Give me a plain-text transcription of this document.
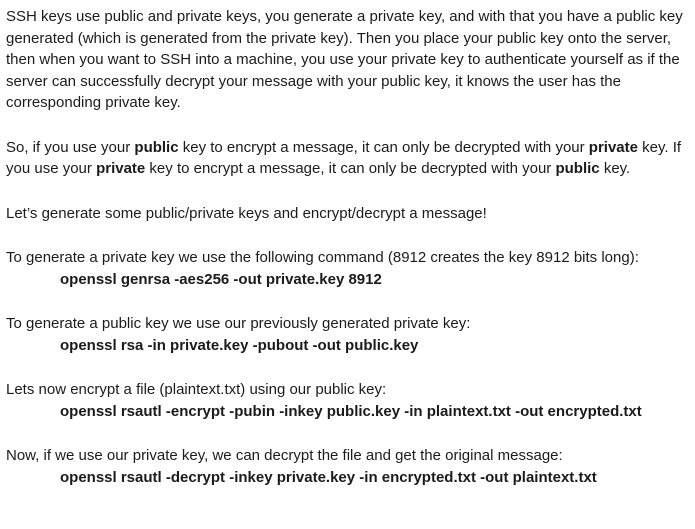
SSH keys use public and private keys, you generate a private key, and with that you have a public key generated (which is generated from the private key). Then you place your public key onto the server, then when you want to SSH into a machine, you use your private key to authenticate yourself as if the server can successfully decrypt your message with your public key, it knows the user has the corresponding private key.

So, if you use your public key to encrypt a message, it can only be decrypted with your private key. If you use your private key to encrypt a message, it can only be decrypted with your public key.

Let’s generate some public/private keys and encrypt/decrypt a message!

To generate a private key we use the following command (8912 creates the key 8912 bits long):
openssl genrsa -aes256 -out private.key 8912

To generate a public key we use our previously generated private key:
openssl rsa -in private.key -pubout -out public.key

Lets now encrypt a file (plaintext.txt) using our public key:
openssl rsautl -encrypt -pubin -inkey public.key -in plaintext.txt -out encrypted.txt

Now, if we use our private key, we can decrypt the file and get the original message:
openssl rsautl -decrypt -inkey private.key -in encrypted.txt -out plaintext.txt
